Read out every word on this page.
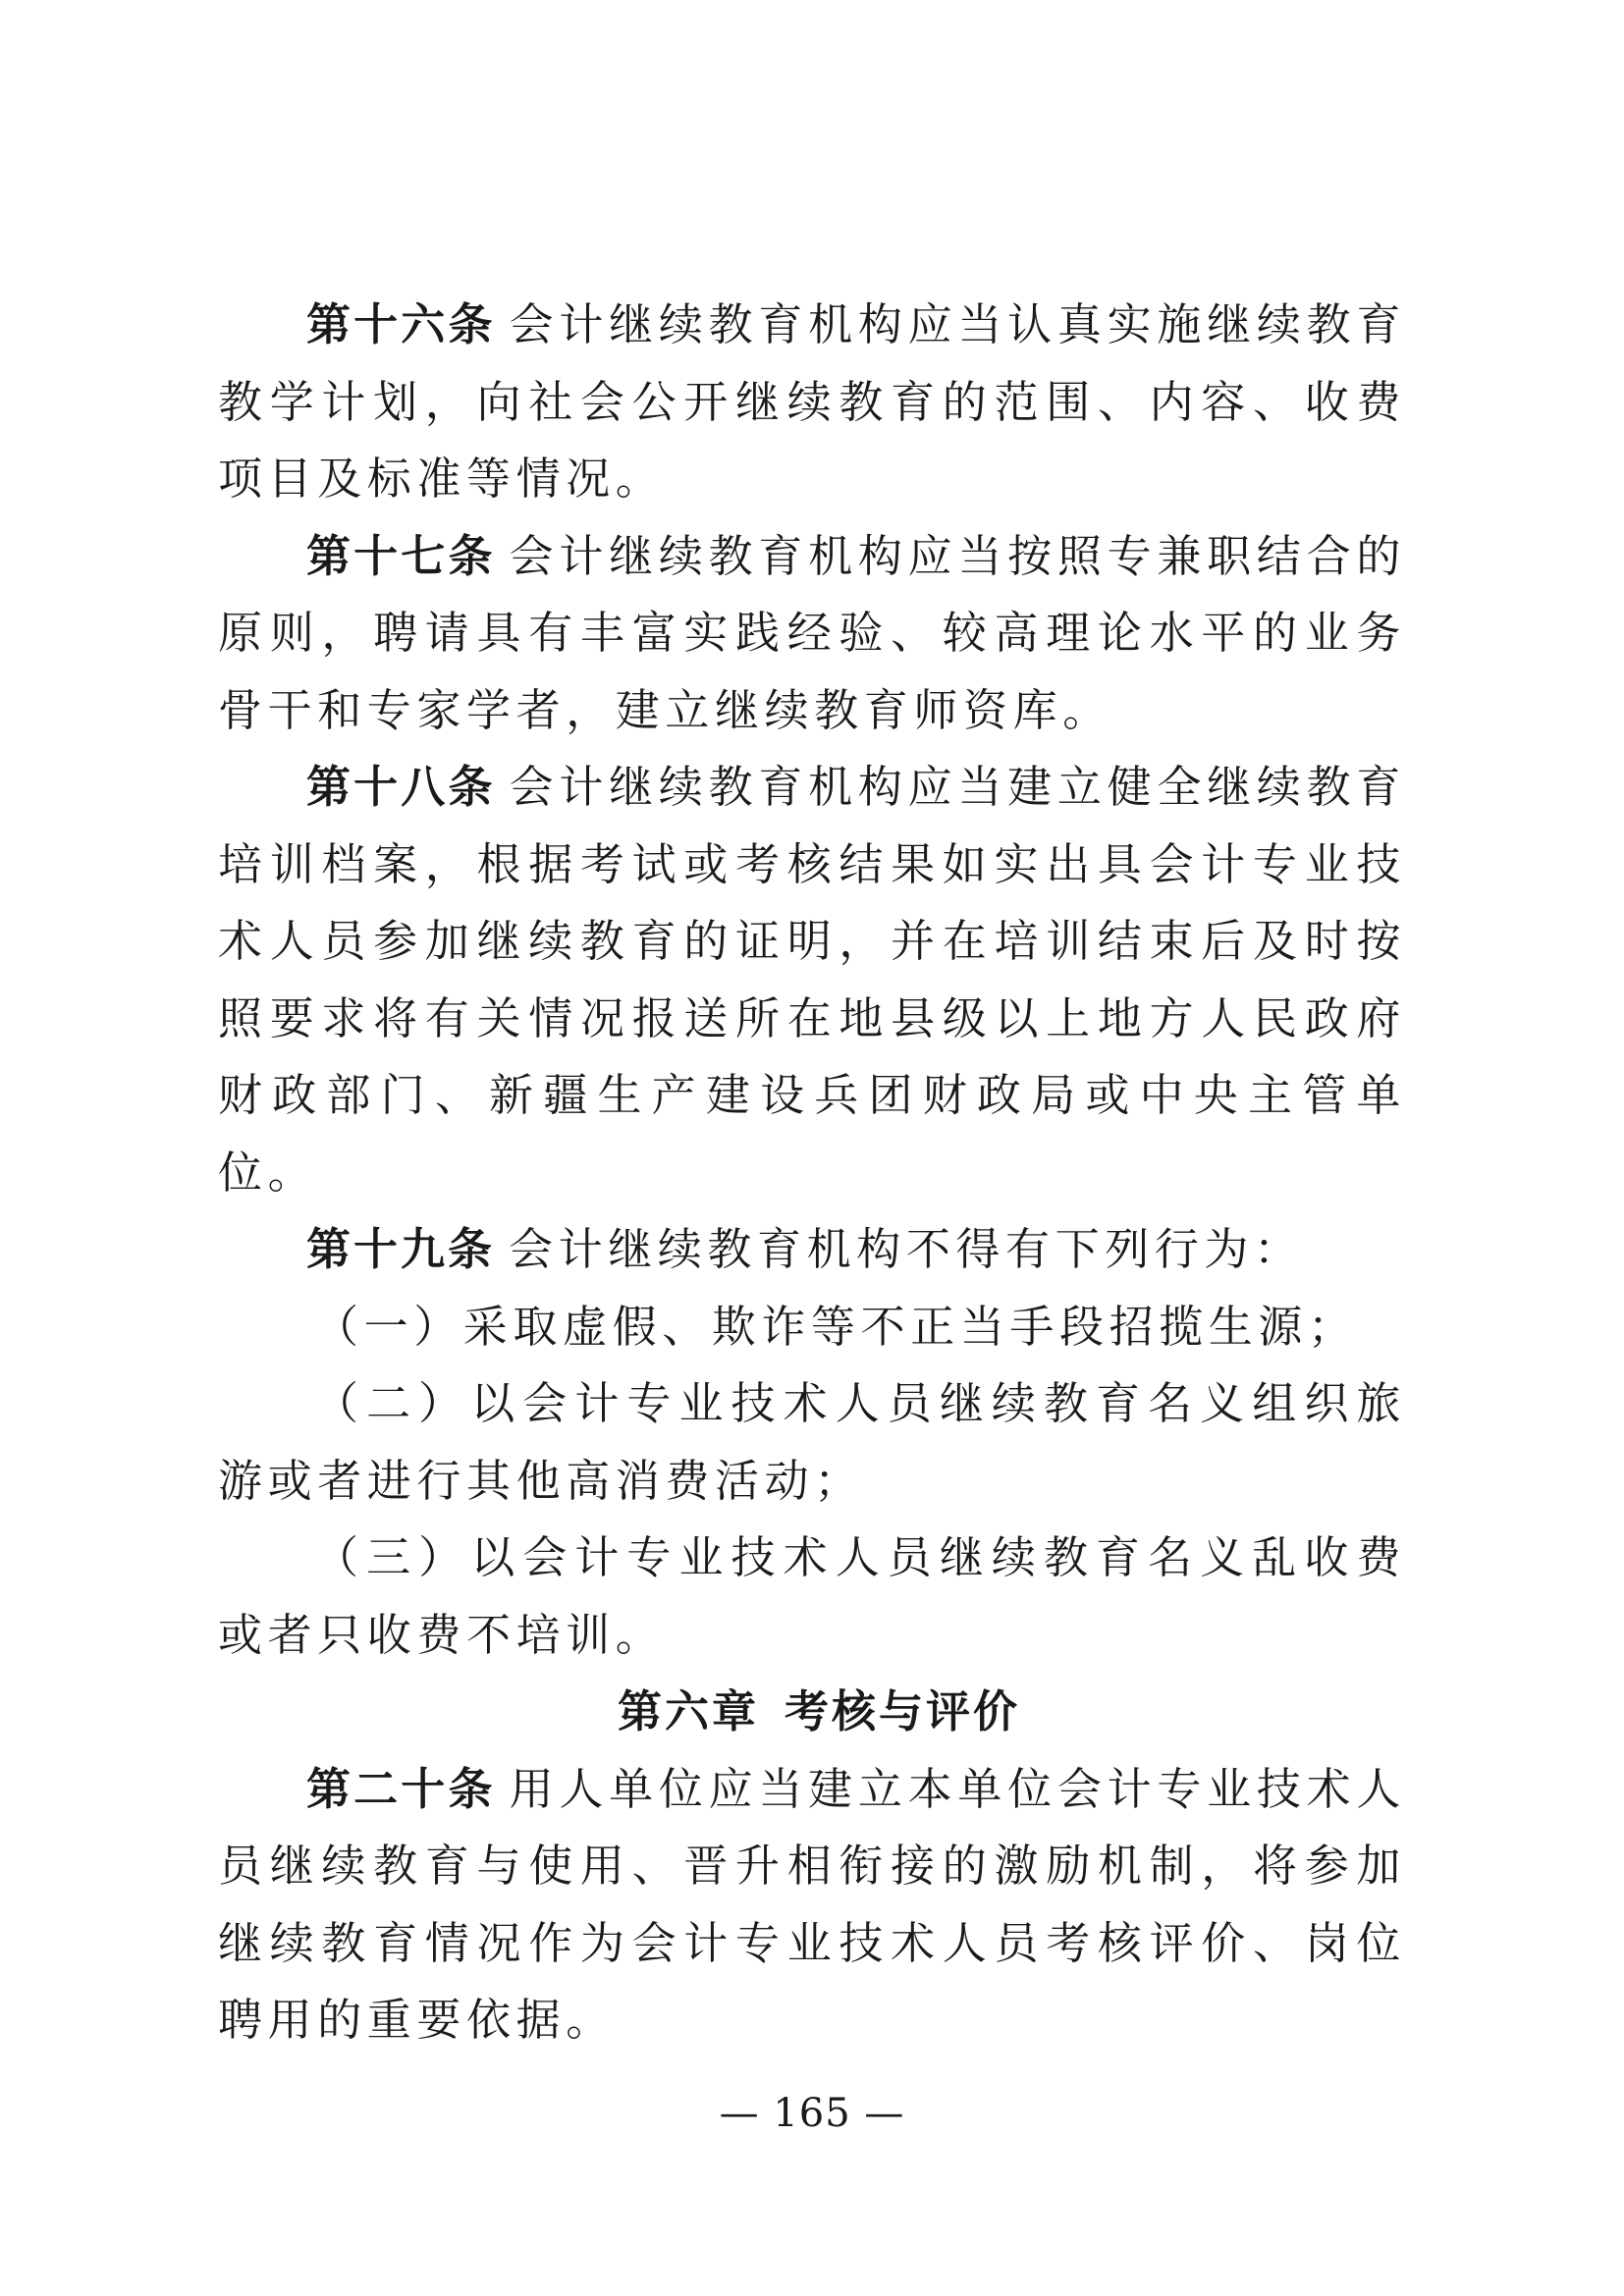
第十六条 会计继续教育机构应当认真实施继续教育教学计划，向社会公开继续教育的范围、内容、收费项目及标准等情况。

第十七条 会计继续教育机构应当按照专兼职结合的原则，聘请具有丰富实践经验、较高理论水平的业务骨干和专家学者，建立继续教育师资库。

第十八条 会计继续教育机构应当建立健全继续教育培训档案，根据考试或考核结果如实出具会计专业技术人员参加继续教育的证明，并在培训结束后及时按照要求将有关情况报送所在地县级以上地方人民政府财政部门、新疆生产建设兵团财政局或中央主管单位。

第十九条 会计继续教育机构不得有下列行为：

（一）采取虚假、欺诈等不正当手段招揽生源；

（二）以会计专业技术人员继续教育名义组织旅游或者进行其他高消费活动；

（三）以会计专业技术人员继续教育名义乱收费或者只收费不培训。

第六章 考核与评价

第二十条 用人单位应当建立本单位会计专业技术人员继续教育与使用、晋升相衔接的激励机制，将参加继续教育情况作为会计专业技术人员考核评价、岗位聘用的重要依据。

— 165 —
